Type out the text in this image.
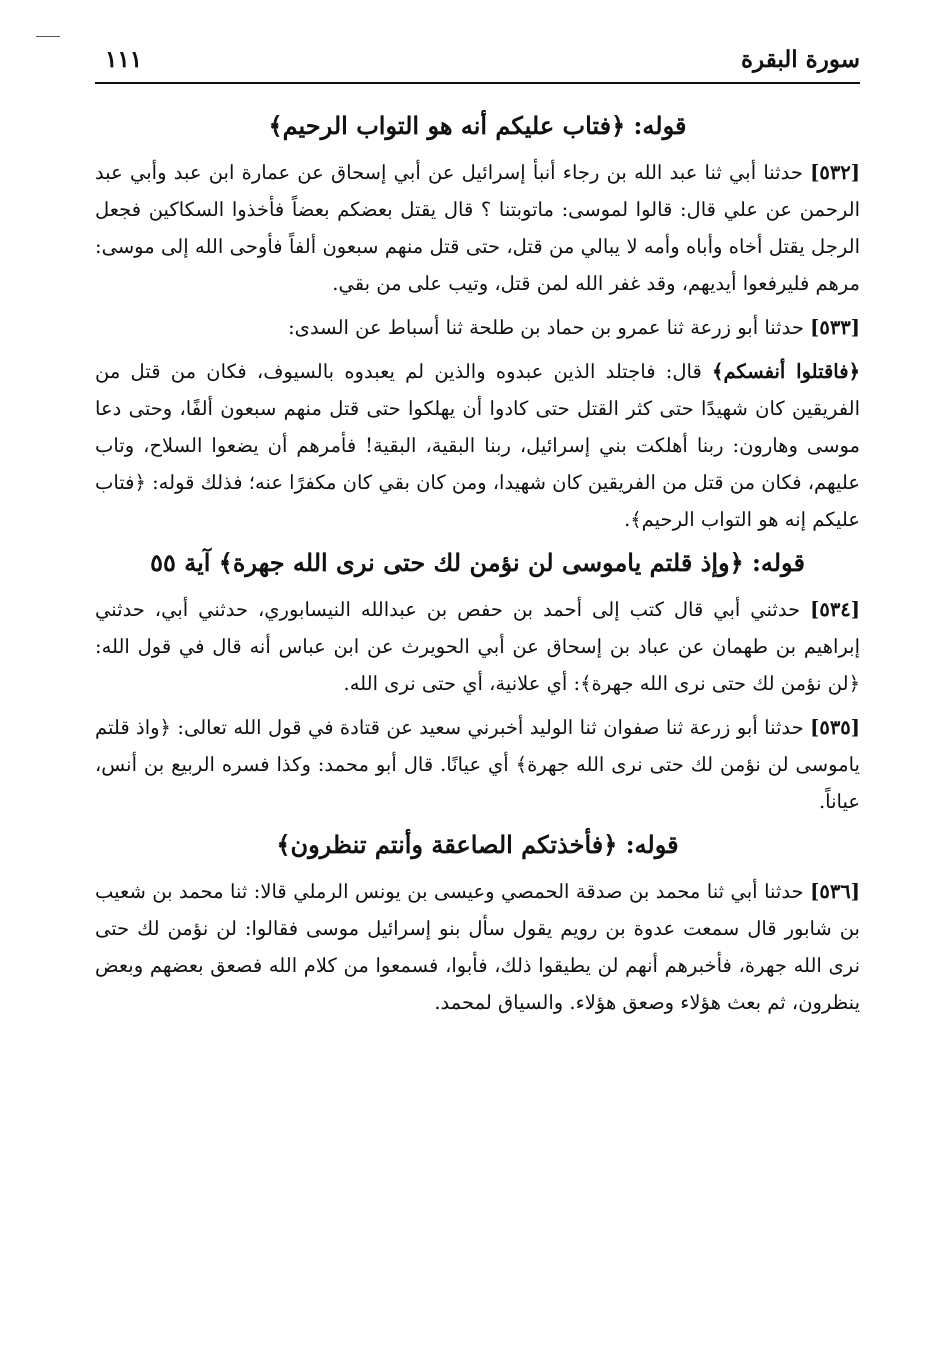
سورة البقرة
١١١
قوله: ﴿فتاب عليكم أنه هو التواب الرحيم﴾

[٥٣٢] حدثنا أبي ثنا عبد الله بن رجاء أنبأ إسرائيل عن أبي إسحاق عن عمارة ابن عبد وأبي عبد الرحمن عن علي قال: قالوا لموسى: ماتوبتنا ؟ قال يقتل بعضكم بعضاً فأخذوا السكاكين فجعل الرجل يقتل أخاه وأباه وأمه لا يبالي من قتل، حتى قتل منهم سبعون ألفاً فأوحى الله إلى موسى: مرهم فليرفعوا أيديهم، وقد غفر الله لمن قتل، وتيب على من بقي.

[٥٣٣] حدثنا أبو زرعة ثنا عمرو بن حماد بن طلحة ثنا أسباط عن السدى:

﴿فاقتلوا أنفسكم﴾ قال: فاجتلد الذين عبدوه والذين لم يعبدوه بالسيوف، فكان من قتل من الفريقين كان شهيدًا حتى كثر القتل حتى كادوا أن يهلكوا حتى قتل منهم سبعون ألفًا، وحتى دعا موسى وهارون: ربنا أهلكت بني إسرائيل، ربنا البقية، البقية! فأمرهم أن يضعوا السلاح، وتاب عليهم، فكان من قتل من الفريقين كان شهيدا، ومن كان بقي كان مكفرًا عنه؛ فذلك قوله: ﴿فتاب عليكم إنه هو التواب الرحيم﴾.

قوله: ﴿وإذ قلتم ياموسى لن نؤمن لك حتى نرى الله جهرة﴾ آية ٥٥

[٥٣٤] حدثني أبي قال كتب إلى أحمد بن حفص بن عبدالله النيسابوري، حدثني أبي، حدثني إبراهيم بن طهمان عن عباد بن إسحاق عن أبي الحويرث عن ابن عباس أنه قال في قول الله: ﴿لن نؤمن لك حتى نرى الله جهرة﴾: أي علانية، أي حتى نرى الله.

[٥٣٥] حدثنا أبو زرعة ثنا صفوان ثنا الوليد أخبرني سعيد عن قتادة في قول الله تعالى: ﴿واذ قلتم ياموسى لن نؤمن لك حتى نرى الله جهرة﴾ أي عيانًا. قال أبو محمد: وكذا فسره الربيع بن أنس، عياناً.

قوله: ﴿فأخذتكم الصاعقة وأنتم تنظرون﴾

[٥٣٦] حدثنا أبي ثنا محمد بن صدقة الحمصي وعيسى بن يونس الرملي قالا: ثنا محمد بن شعيب بن شابور قال سمعت عدوة بن رويم يقول سأل بنو إسرائيل موسى فقالوا: لن نؤمن لك حتى نرى الله جهرة، فأخبرهم أنهم لن يطيقوا ذلك، فأبوا، فسمعوا من كلام الله فصعق بعضهم وبعض ينظرون، ثم بعث هؤلاء وصعق هؤلاء. والسياق لمحمد.
